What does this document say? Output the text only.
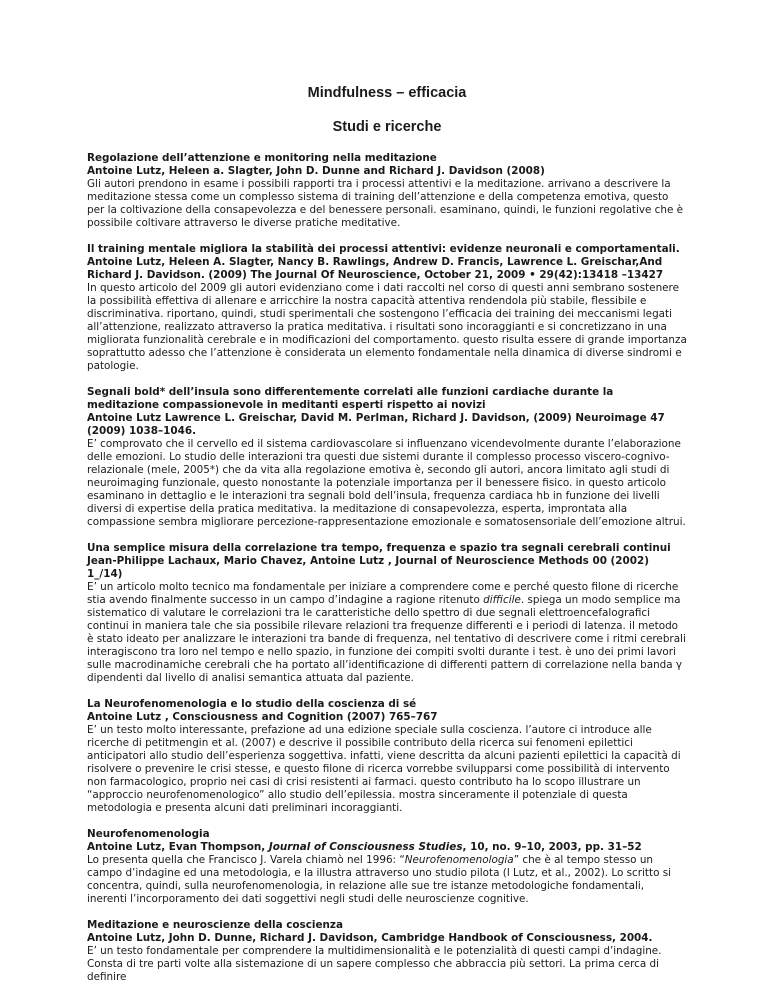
Mindfulness – efficacia
Studi e ricerche
Regolazione dell’attenzione e monitoring nella meditazione
Antoine Lutz, Heleen a. Slagter, John D. Dunne and Richard J. Davidson (2008)
Gli autori prendono in esame i possibili rapporti tra i processi attentivi e la meditazione. arrivano a descrivere la meditazione stessa come un complesso sistema di training dell’attenzione e della competenza emotiva, questo per la coltivazione della consapevolezza e del benessere personali. esaminano, quindi, le funzioni regolative che è possibile coltivare attraverso le diverse pratiche meditative.
Il training mentale migliora la stabilità dei processi attentivi: evidenze neuronali e comportamentali.
Antoine Lutz, Heleen A. Slagter, Nancy B. Rawlings, Andrew D. Francis, Lawrence L. Greischar,And Richard J. Davidson. (2009) The Journal Of Neuroscience, October 21, 2009 • 29(42):13418 –13427
In questo articolo del 2009 gli autori evidenziano come i dati raccolti nel corso di questi anni sembrano sostenere la possibilità effettiva di allenare e arricchire la nostra capacità attentiva rendendola più stabile, flessibile e discriminativa. riportano, quindi, studi sperimentali che sostengono l’efficacia dei training dei meccanismi legati all’attenzione, realizzato attraverso la pratica meditativa. i risultati sono incoraggianti e si concretizzano in una migliorata funzionalità cerebrale e in modificazioni del comportamento. questo risulta essere di grande importanza soprattutto adesso che l’attenzione è considerata un elemento fondamentale nella dinamica di diverse sindromi e patologie.
Segnali bold* dell’insula sono differentemente correlati alle funzioni cardiache durante la meditazione compassionevole in meditanti esperti rispetto ai novizi
Antoine Lutz Lawrence L. Greischar, David M. Perlman, Richard J. Davidson, (2009) Neuroimage 47 (2009) 1038–1046.
E’ comprovato che il cervello ed il sistema cardiovascolare si influenzano vicendevolmente durante l’elaborazione delle emozioni. Lo studio delle interazioni tra questi due sistemi durante il complesso processo viscero-cognivo-relazionale (mele, 2005*) che da vita alla regolazione emotiva è, secondo gli autori, ancora limitato agli studi di neuroimaging funzionale, questo nonostante la potenziale importanza per il benessere fisico. in questo articolo esaminano in dettaglio e le interazioni tra segnali bold dell’insula, frequenza cardiaca hb in funzione dei livelli diversi di expertise della pratica meditativa. la meditazione di consapevolezza, esperta, improntata alla compassione sembra migliorare percezione-rappresentazione emozionale e somatosensoriale dell’emozione altrui.
Una semplice misura della correlazione tra tempo, frequenza e spazio tra segnali cerebrali continui
Jean-Philippe Lachaux, Mario Chavez, Antoine Lutz , Journal of Neuroscience Methods 00 (2002) 1_/14)
E’ un articolo molto tecnico ma fondamentale per iniziare a comprendere come e perché questo filone di ricerche stia avendo finalmente successo in un campo d’indagine a ragione ritenuto difficile. spiega un modo semplice ma sistematico di valutare le correlazioni tra le caratteristiche dello spettro di due segnali elettroencefalografici continui in maniera tale che sia possibile rilevare relazioni tra frequenze differenti e i periodi di latenza. il metodo è stato ideato per analizzare le interazioni tra bande di frequenza, nel tentativo di descrivere come i ritmi cerebrali interagiscono tra loro nel tempo e nello spazio, in funzione dei compiti svolti durante i test. è uno dei primi lavori sulle macrodinamiche cerebrali che ha portato all’identificazione di differenti pattern di correlazione nella banda γ dipendenti dal livello di analisi semantica attuata dal paziente.
La Neurofenomenologia e lo studio della coscienza di sé
Antoine Lutz , Consciousness and Cognition (2007) 765–767
E’ un testo molto interessante, prefazione ad una edizione speciale sulla coscienza. l’autore ci introduce alle ricerche di petitmengin et al. (2007) e descrive il possibile contributo della ricerca sui fenomeni epilettici anticipatori allo studio dell’esperienza soggettiva. infatti, viene descritta da alcuni pazienti epilettici la capacità di risolvere o prevenire le crisi stesse, e questo filone di ricerca vorrebbe svilupparsi come possibilità di intervento non farmacologico, proprio nei casi di crisi resistenti ai farmaci. questo contributo ha lo scopo illustrare un “approccio neurofenomenologico” allo studio dell’epilessia. mostra sinceramente il potenziale di questa metodologia e presenta alcuni dati preliminari incoraggianti.
Neurofenomenologia
Antoine Lutz, Evan Thompson, Journal of Consciousness Studies, 10, no. 9–10, 2003, pp. 31–52
Lo presenta quella che Francisco J. Varela chiamò nel 1996: “Neurofenomenologia” che è al tempo stesso un campo d’indagine ed una metodologia, e la illustra attraverso uno studio pilota (l Lutz, et al., 2002). Lo scritto si concentra, quindi, sulla neurofenomenologia, in relazione alle sue tre istanze metodologiche fondamentali, inerenti l’incorporamento dei dati soggettivi negli studi delle neuroscienze cognitive.
Meditazione e neuroscienze della coscienza
Antoine Lutz, John D. Dunne, Richard J. Davidson, Cambridge Handbook of Consciousness, 2004.
E’ un testo fondamentale per comprendere la multidimensionalità e le potenzialità di questi campi d’indagine. Consta di tre parti volte alla sistemazione di un sapere complesso che abbraccia più settori. La prima cerca di definire
